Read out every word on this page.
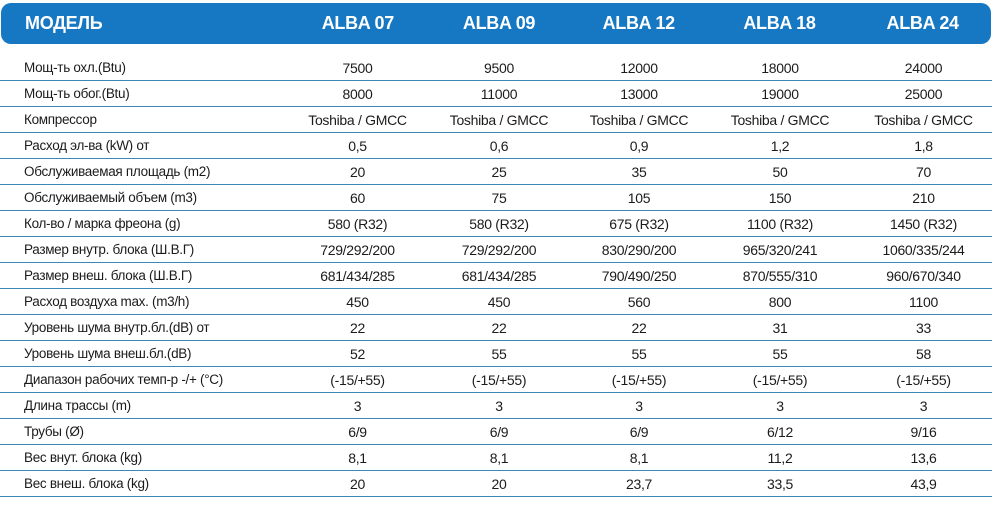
МОДЕЛЬ	ALBA 07	ALBA 09	ALBA 12	ALBA 18	ALBA 24
Мощ-ть охл.(Btu)	7500	9500	12000	18000	24000
Мощ-ть обог.(Btu)	8000	11000	13000	19000	25000
Компрессор	Toshiba / GMCC	Toshiba / GMCC	Toshiba / GMCC	Toshiba / GMCC	Toshiba / GMCC
Расход эл-ва (kW) от	0,5	0,6	0,9	1,2	1,8
Обслуживаемая площадь (m2)	20	25	35	50	70
Обслуживаемый объем (m3)	60	75	105	150	210
Кол-во / марка фреона (g)	580 (R32)	580 (R32)	675 (R32)	1100 (R32)	1450 (R32)
Размер внутр. блока (Ш.В.Г)	729/292/200	729/292/200	830/290/200	965/320/241	1060/335/244
Размер внеш. блока (Ш.В.Г)	681/434/285	681/434/285	790/490/250	870/555/310	960/670/340
Расход воздуха max. (m3/h)	450	450	560	800	1100
Уровень шума внутр.бл.(dB) от	22	22	22	31	33
Уровень шума внеш.бл.(dB)	52	55	55	55	58
Диапазон рабочих темп-р -/+ (°C)	(-15/+55)	(-15/+55)	(-15/+55)	(-15/+55)	(-15/+55)
Длина трассы (m)	3	3	3	3	3
Трубы (Ø)	6/9	6/9	6/9	6/12	9/16
Вес внут. блока (kg)	8,1	8,1	8,1	11,2	13,6
Вес внеш. блока (kg)	20	20	23,7	33,5	43,9
